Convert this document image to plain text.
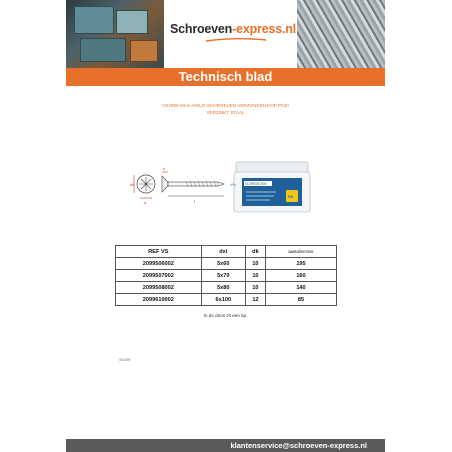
Schroeven-express.nl
Technisch blad
VS2099-6mm AİGLO-SCHROEVEN VERZONKEN KOP POZI
VERZINKT STAAL
dk
d
k
l
SCHROEVEN
SX
REF VS	dxl	dk	aantal/emmer
2099506002	5x60	10	195
2099507002	5x70	10	160
2099508002	5x80	10	140
2099610002	6x100	12	85
In de doos zit een tip.
VS2099
klantenservice@schroeven-express.nl
